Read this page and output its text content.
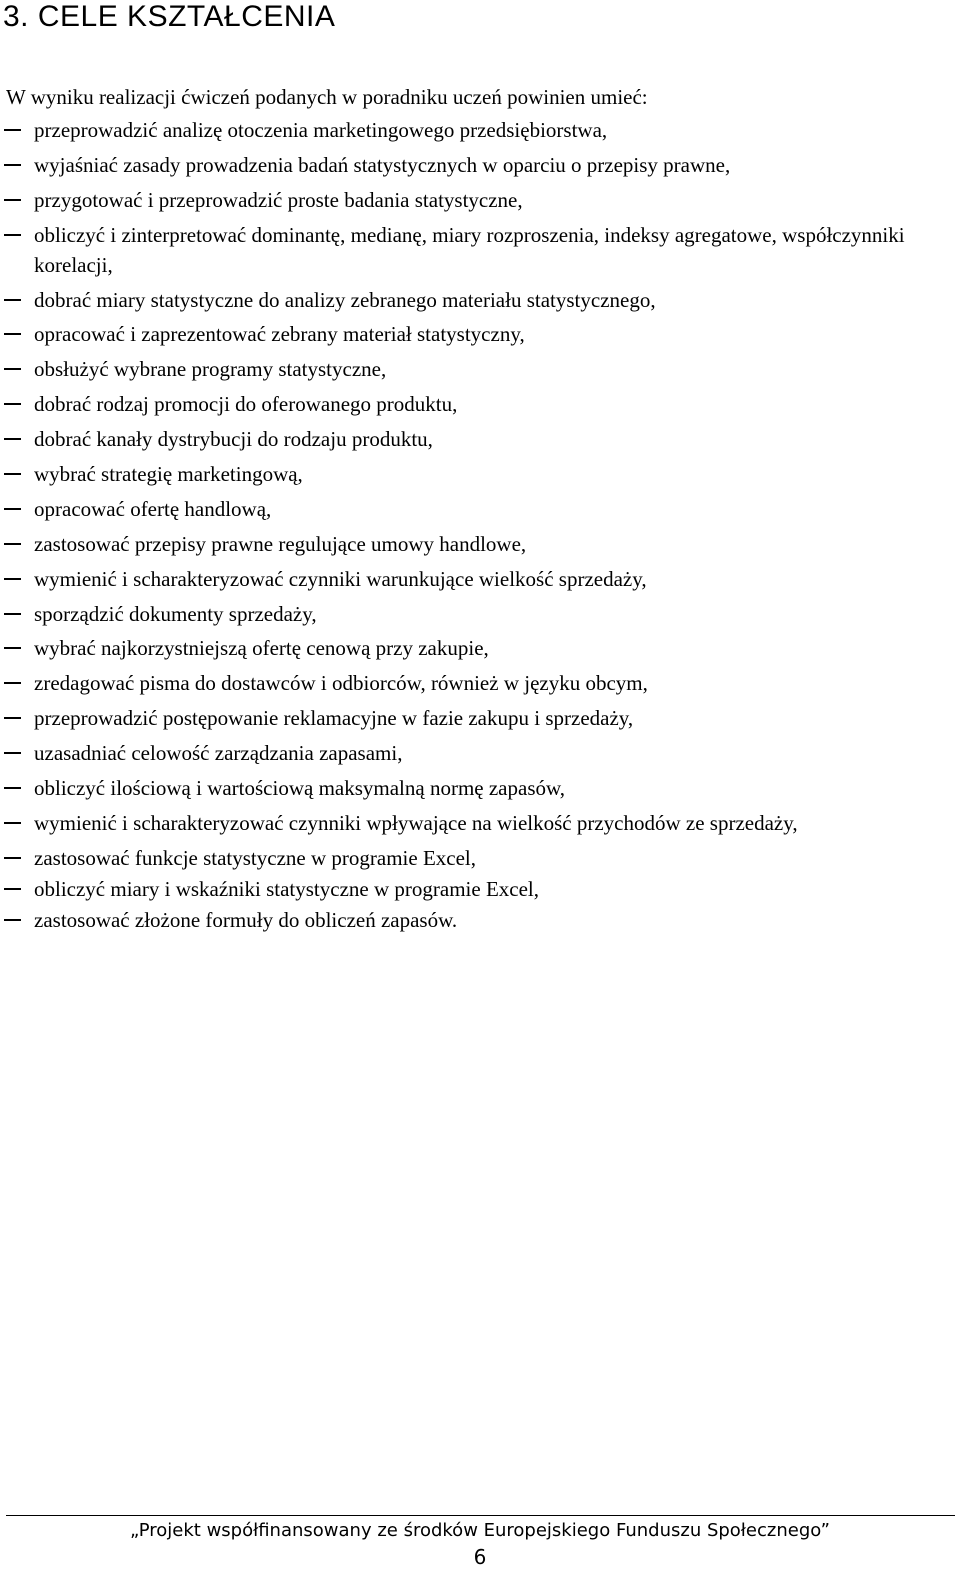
3. CELE KSZTAŁCENIA
W wyniku realizacji ćwiczeń podanych w poradniku uczeń powinien umieć:
przeprowadzić analizę otoczenia marketingowego przedsiębiorstwa,
wyjaśniać zasady prowadzenia badań statystycznych w oparciu o przepisy prawne,
przygotować i przeprowadzić proste badania statystyczne,
obliczyć i zinterpretować dominantę, medianę, miary rozproszenia, indeksy agregatowe, współczynniki korelacji,
dobrać miary statystyczne do analizy zebranego materiału statystycznego,
opracować i zaprezentować zebrany materiał statystyczny,
obsłużyć wybrane programy statystyczne,
dobrać rodzaj promocji do oferowanego produktu,
dobrać kanały dystrybucji do rodzaju produktu,
wybrać strategię marketingową,
opracować ofertę handlową,
zastosować przepisy prawne regulujące umowy handlowe,
wymienić i scharakteryzować czynniki warunkujące wielkość sprzedaży,
sporządzić dokumenty sprzedaży,
wybrać najkorzystniejszą ofertę cenową przy zakupie,
zredagować pisma do dostawców i odbiorców, również w języku obcym,
przeprowadzić postępowanie reklamacyjne w fazie zakupu i sprzedaży,
uzasadniać celowość zarządzania zapasami,
obliczyć ilościową i wartościową maksymalną normę zapasów,
wymienić i scharakteryzować czynniki wpływające na wielkość przychodów ze sprzedaży,
zastosować funkcje statystyczne w programie Excel,
obliczyć miary i wskaźniki statystyczne w programie Excel,
zastosować złożone formuły do obliczeń zapasów.
„Projekt współfinansowany ze środków Europejskiego Funduszu Społecznego”
6
